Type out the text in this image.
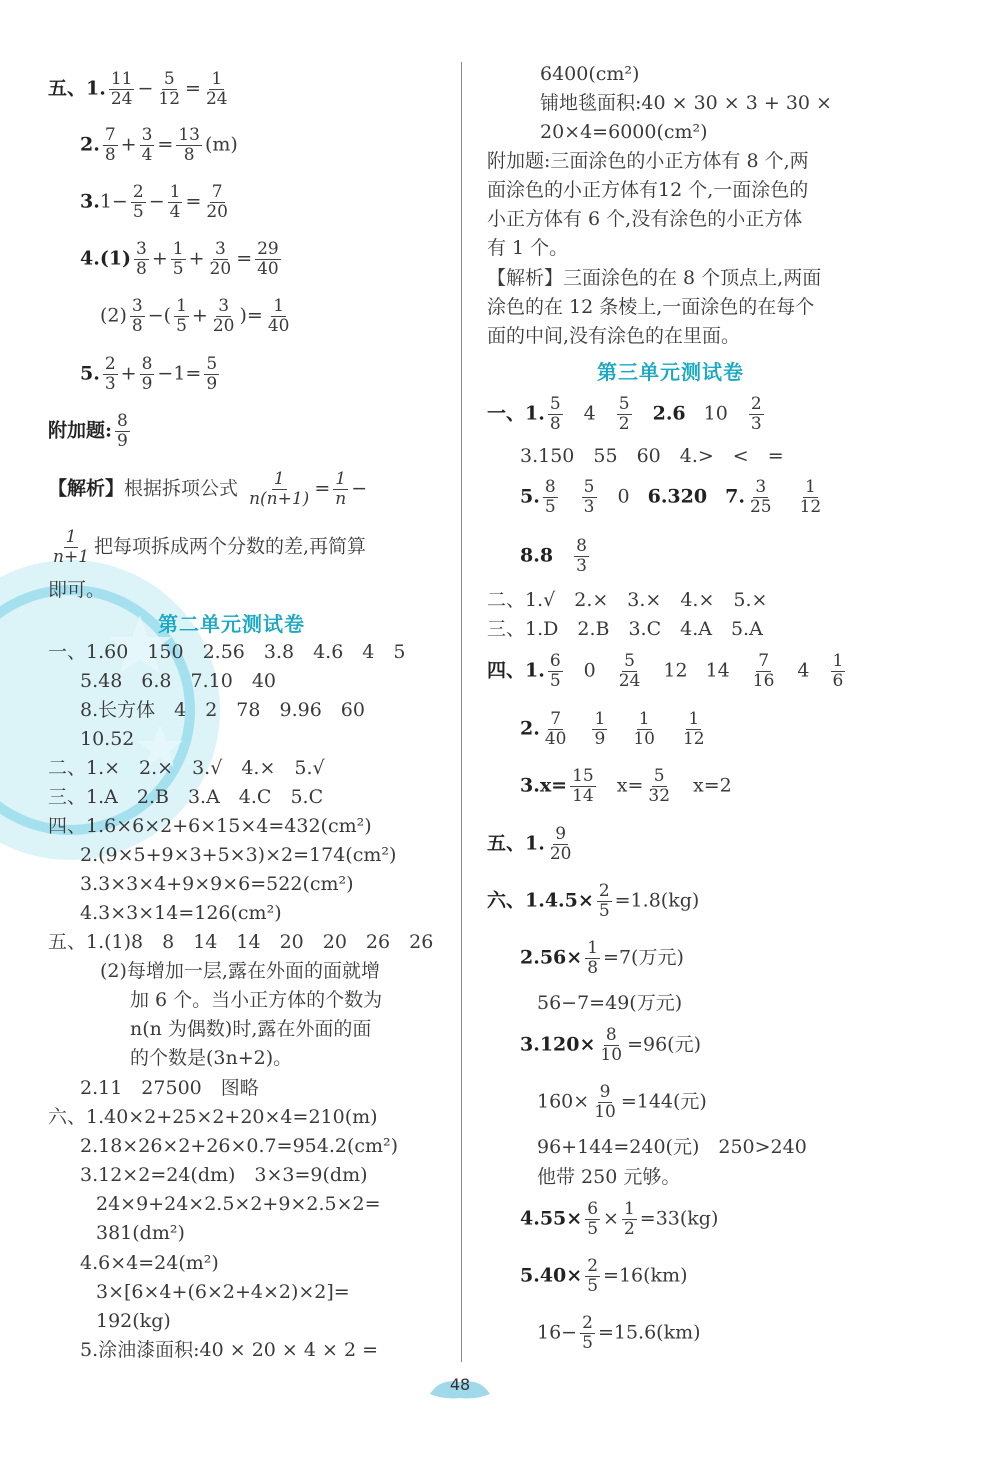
五、1. $\frac{11}{24} - \frac{5}{12} = \frac{1}{24}$
2. $\frac{7}{8} + \frac{3}{4} = \frac{13}{8} (m)$
$3.1- \frac{2}{5} - \frac{1}{4} = \frac{7}{20}$
$4.(1) \frac{3}{8} + \frac{1}{5} + \frac{3}{20} = \frac{29}{40}$
$(2) \frac{3}{8}$ −( $\frac{1}{5} + \frac{3}{20}$ )= $\frac{1}{40}$
5. $\frac{2}{3} + \frac{8}{9} -1= \frac{5}{9}$
附加题: $\frac{8}{9}$
【解析】根据拆项公式 $\frac{1}{n(n+1)} = \frac{1}{n}$ −
$\frac{1}{n+1}$ 把每项拆成两个分数的差,再简算
即可。
第二单元测试卷
一、1.60　150　2.56　3.8　4.6　4　5
5.48　6.8　7.10　40
8.长方体　4　2　78　9.96　60
10.52
二、1.×　2.×　3.√　4.×　5.√
三、1.A　2.B　3.A　4.C　5.C
四、1.6×6×2+6×15×4=432(cm²)
2.(9×5+9×3+5×3)×2=174(cm²)
3.3×3×4+9×9×6=522(cm²)
4.3×3×14=126(cm²)
五、1.(1)8　8　14　14　20　20　26　26
(2)每增加一层,露在外面的面就增
加 6 个。当小正方体的个数为
n(n 为偶数)时,露在外面的面
的个数是(3n+2)。
2.11　27500　图略
六、1.40×2+25×2+20×4=210(m)
2.18×26×2+26×0.7=954.2(cm²)
3.12×2=24(dm)　3×3=9(dm)
24×9+24×2.5×2+9×2.5×2=
381(dm²)
4.6×4=24(m²)
3×[6×4+(6×2+4×2)×2]=
192(kg)
5.涂油漆面积:40 × 20 × 4 × 2 =
6400(cm²)
铺地毯面积:40 × 30 × 3 + 30 ×
20×4=6000(cm²)
附加题:三面涂色的小正方体有 8 个,两
面涂色的小正方体有12 个,一面涂色的
小正方体有 6 个,没有涂色的小正方体
有 1 个。
【解析】三面涂色的在 8 个顶点上,两面
涂色的在 12 条棱上,一面涂色的在每个
面的中间,没有涂色的在里面。
第三单元测试卷
一、1. $\frac{5}{8} 4 \frac{5}{2} 2.6$ $10 \frac{2}{3}$
3.150　55　60　4.>　<　=
5. $\frac{8}{5} \frac{5}{3} 0$ 6.320 7. $\frac{3}{25} \frac{1}{12}$
$8.8 \frac{8}{3}$
二、1.√　2.×　3.×　4.×　5.×
三、1.D　2.B　3.C　4.A　5.A
四、1. $\frac{6}{5} 0 \frac{5}{24} 12$ $14 \frac{7}{16} 4 \frac{1}{6}$
2. $\frac{7}{40} \frac{1}{9} \frac{1}{10} \frac{1}{12}$
$3.x= \frac{15}{14} x= \frac{5}{32} x=2$
五、1. $\frac{9}{20}$
六、$1.4.5\times \frac{2}{5} =1.8(kg)$
$2.56\times \frac{1}{8} =7$(万元)
56−7=49(万元)
$3.120\times \frac{8}{10} =96$(元)
$160\times \frac{9}{10} =144$(元)
96+144=240(元)　250>240
他带 250 元够。
$4.55\times \frac{6}{5} \times \frac{1}{2} =33(kg)$
$5.40\times \frac{2}{5} =16(km)$
$16- \frac{2}{5} =15.6(km)$
48
